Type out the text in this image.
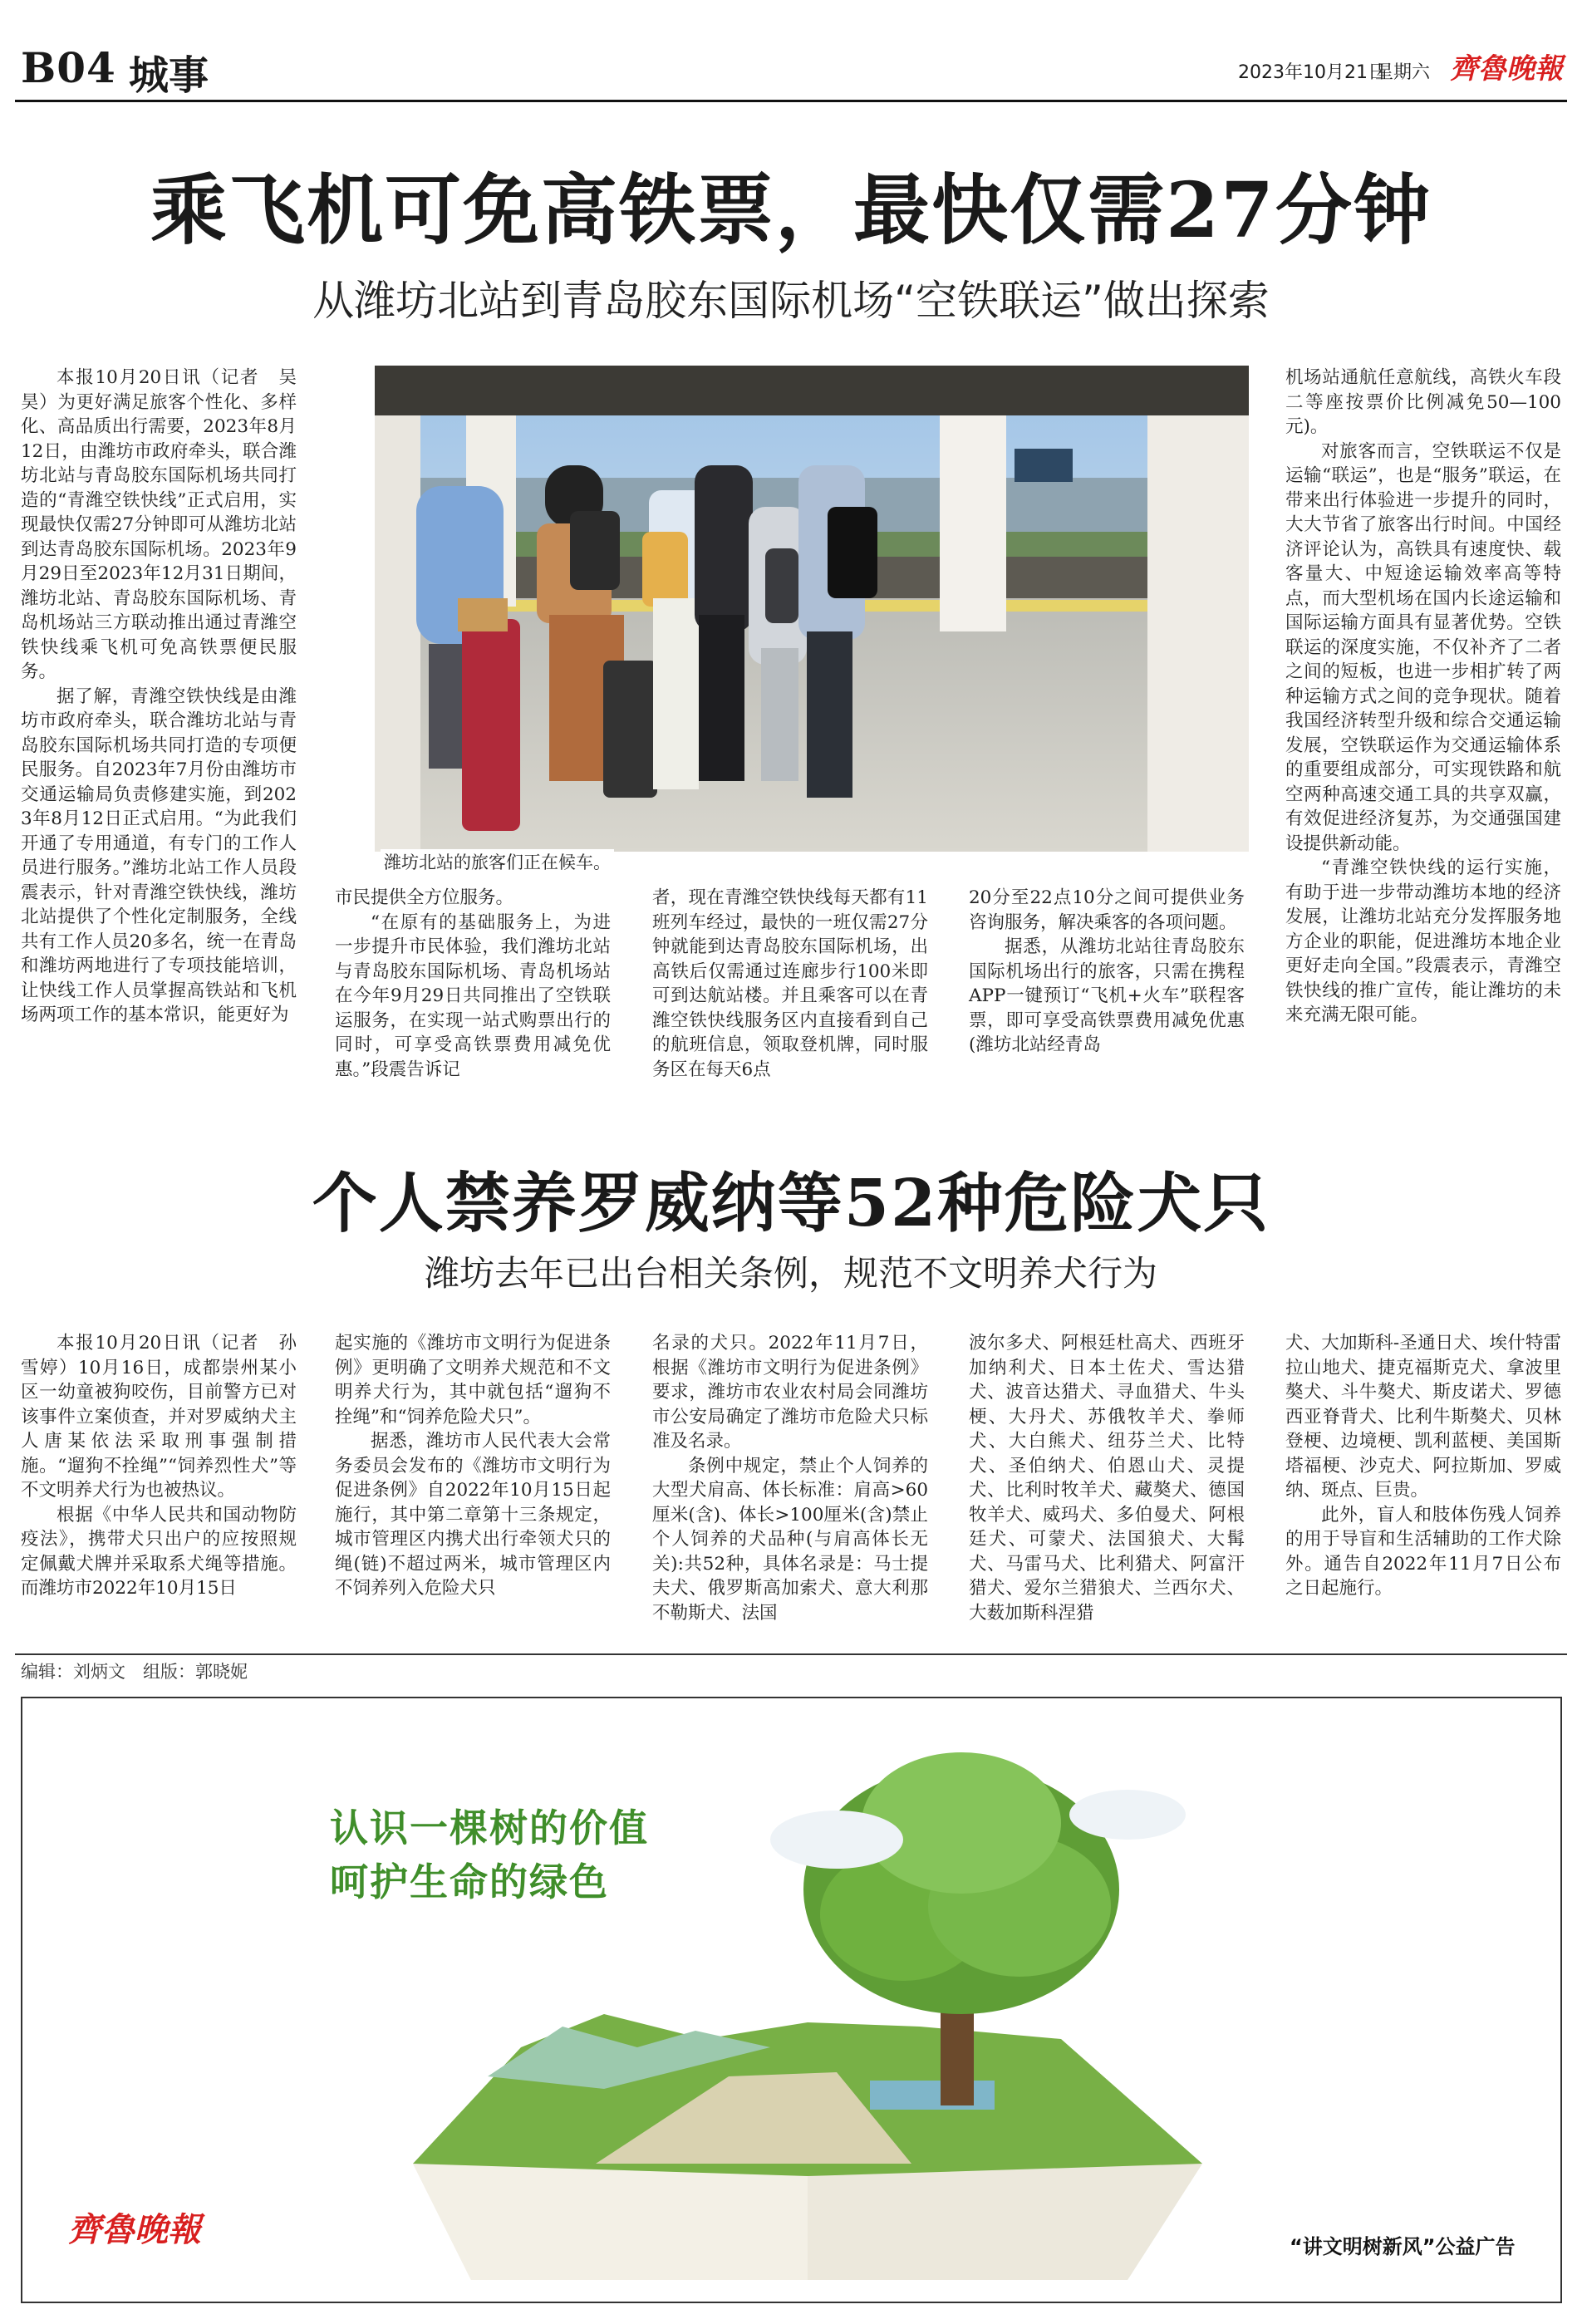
B04 城事	2023年10月21日
星期六 齊魯晚報
乘飞机可免高铁票，最快仅需27分钟
从潍坊北站到青岛胶东国际机场“空铁联运”做出探索

本报10月20日讯（记者　吴昊）为更好满足旅客个性化、多样化、高品质出行需要，2023年8月12日，由潍坊市政府牵头，联合潍坊北站与青岛胶东国际机场共同打造的“青潍空铁快线”正式启用，实现最快仅需27分钟即可从潍坊北站到达青岛胶东国际机场。2023年9月29日至2023年12月31日期间，潍坊北站、青岛胶东国际机场、青岛机场站三方联动推出通过青潍空铁快线乘飞机可免高铁票便民服务。

据了解，青潍空铁快线是由潍坊市政府牵头，联合潍坊北站与青岛胶东国际机场共同打造的专项便民服务。自2023年7月份由潍坊市交通运输局负责修建实施，到2023年8月12日正式启用。“为此我们开通了专用通道，有专门的工作人员进行服务。”潍坊北站工作人员段震表示，针对青潍空铁快线，潍坊北站提供了个性化定制服务，全线共有工作人员20多名，统一在青岛和潍坊两地进行了专项技能培训，让快线工作人员掌握高铁站和飞机场两项工作的基本常识，能更好为

潍坊北站的旅客们正在候车。

机场站通航任意航线，高铁火车段二等座按票价比例减免50—100元)。

对旅客而言，空铁联运不仅是运输“联运”，也是“服务”联运，在带来出行体验进一步提升的同时，大大节省了旅客出行时间。中国经济评论认为，高铁具有速度快、载客量大、中短途运输效率高等特点，而大型机场在国内长途运输和国际运输方面具有显著优势。空铁联运的深度实施，不仅补齐了二者之间的短板，也进一步相扩转了两种运输方式之间的竞争现状。随着我国经济转型升级和综合交通运输发展，空铁联运作为交通运输体系的重要组成部分，可实现铁路和航空两种高速交通工具的共享双赢，有效促进经济复苏，为交通强国建设提供新动能。

“青潍空铁快线的运行实施，有助于进一步带动潍坊本地的经济发展，让潍坊北站充分发挥服务地方企业的职能，促进潍坊本地企业更好走向全国。”段震表示，青潍空铁快线的推广宣传，能让潍坊的未来充满无限可能。

市民提供全方位服务。

“在原有的基础服务上，为进一步提升市民体验，我们潍坊北站与青岛胶东国际机场、青岛机场站在今年9月29日共同推出了空铁联运服务，在实现一站式购票出行的同时，可享受高铁票费用减免优惠。”段震告诉记

者，现在青潍空铁快线每天都有11班列车经过，最快的一班仅需27分钟就能到达青岛胶东国际机场，出高铁后仅需通过连廊步行100米即可到达航站楼。并且乘客可以在青潍空铁快线服务区内直接看到自己的航班信息，领取登机牌，同时服务区在每天6点

20分至22点10分之间可提供业务咨询服务，解决乘客的各项问题。

据悉，从潍坊北站往青岛胶东国际机场出行的旅客，只需在携程APP一键预订“飞机+火车”联程客票，即可享受高铁票费用减免优惠(潍坊北站经青岛

个人禁养罗威纳等52种危险犬只
潍坊去年已出台相关条例，规范不文明养犬行为

本报10月20日讯（记者　孙雪婷）10月16日，成都崇州某小区一幼童被狗咬伤，目前警方已对该事件立案侦查，并对罗威纳犬主人唐某依法采取刑事强制措施。“遛狗不拴绳”“饲养烈性犬”等不文明养犬行为也被热议。

根据《中华人民共和国动物防疫法》，携带犬只出户的应按照规定佩戴犬牌并采取系犬绳等措施。而潍坊市2022年10月15日

起实施的《潍坊市文明行为促进条例》更明确了文明养犬规范和不文明养犬行为，其中就包括“遛狗不拴绳”和“饲养危险犬只”。

据悉，潍坊市人民代表大会常务委员会发布的《潍坊市文明行为促进条例》自2022年10月15日起施行，其中第二章第十三条规定，城市管理区内携犬出行牵领犬只的绳(链)不超过两米，城市管理区内不饲养列入危险犬只

名录的犬只。2022年11月7日，根据《潍坊市文明行为促进条例》要求，潍坊市农业农村局会同潍坊市公安局确定了潍坊市危险犬只标准及名录。

条例中规定，禁止个人饲养的大型犬肩高、体长标准：肩高>60厘米(含)、体长>100厘米(含)禁止个人饲养的犬品种(与肩高体长无关):共52种，具体名录是：马士提夫犬、俄罗斯高加索犬、意大利那不勒斯犬、法国

波尔多犬、阿根廷杜高犬、西班牙加纳利犬、日本土佐犬、雪达猎犬、波音达猎犬、寻血猎犬、牛头梗、大丹犬、苏俄牧羊犬、拳师犬、大白熊犬、纽芬兰犬、比特犬、圣伯纳犬、伯恩山犬、灵提犬、比利时牧羊犬、藏獒犬、德国牧羊犬、威玛犬、多伯曼犬、阿根廷犬、可蒙犬、法国狼犬、大髯犬、马雷马犬、比利猎犬、阿富汗猎犬、爱尔兰猎狼犬、兰西尔犬、大薮加斯科涅猎

犬、大加斯科-圣通日犬、埃什特雷拉山地犬、捷克福斯克犬、拿波里獒犬、斗牛獒犬、斯皮诺犬、罗德西亚脊背犬、比利牛斯獒犬、贝林登梗、边境梗、凯利蓝梗、美国斯塔福梗、沙克犬、阿拉斯加、罗威纳、斑点、巨贵。

此外，盲人和肢体伤残人饲养的用于导盲和生活辅助的工作犬除外。通告自2022年11月7日公布之日起施行。

编辑：刘炳文　组版：郭晓妮
认识一棵树的价值
呵护生命的绿色
齊魯晚報	“讲文明树新风”公益广告
